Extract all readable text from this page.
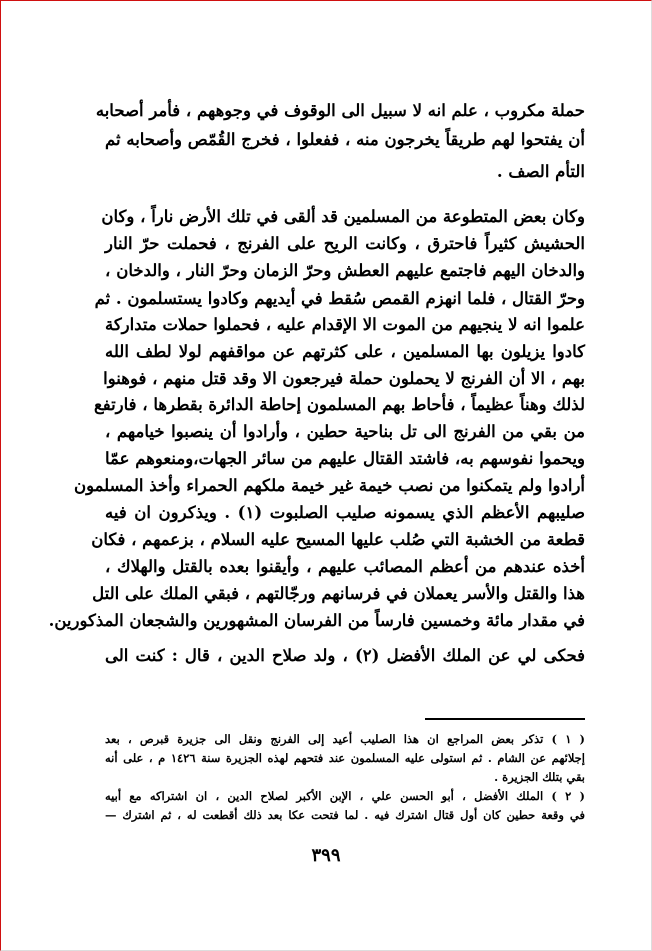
حملة مكروب ، علم انه لا سبيل الى الوقوف في وجوههم ، فأمر أصحابه
أن يفتحوا لهم طريقاً يخرجون منه ، ففعلوا ، فخرج القُمّص وأصحابه ثم
التأم الصف .
وكان بعض المتطوعة من المسلمين قد ألقى في تلك الأرض ناراً ، وكان
الحشيش كثيراً فاحترق ، وكانت الريح على الفرنج ، فحملت حرّ النار
والدخان اليهم فاجتمع عليهم العطش وحرّ الزمان وحرّ النار ، والدخان ،
وحرّ القتال ، فلما انهزم القمص سُقط في أيديهم وكادوا يستسلمون . ثم
علموا انه لا ينجيهم من الموت الا الإقدام عليه ، فحملوا حملات متداركة
كادوا يزيلون بها المسلمين ، على كثرتهم عن مواقفهم لولا لطف الله
بهم ، الا أن الفرنج لا يحملون حملة فيرجعون الا وقد قتل منهم ، فوهنوا
لذلك وهناً عظيماً ، فأحاط بهم المسلمون إحاطة الدائرة بقطرها ، فارتفع
من بقي من الفرنج الى تل بناحية حطين ، وأرادوا أن ينصبوا خيامهم ،
ويحموا نفوسهم به، فاشتد القتال عليهم من سائر الجهات،ومنعوهم عمّا
أرادوا ولم يتمكنوا من نصب خيمة غير خيمة ملكهم الحمراء وأخذ المسلمون
صليبهم الأعظم الذي يسمونه صليب الصلبوت (١) . ويذكرون ان فيه
قطعة من الخشبة التي صُلب عليها المسيح عليه السلام ، بزعمهم ، فكان
أخذه عندهم من أعظم المصائب عليهم ، وأيقنوا بعده بالقتل والهلاك ،
هذا والقتل والأسر يعملان في فرسانهم ورجّالتهم ، فبقي الملك على التل
في مقدار مائة وخمسين فارساً من الفرسان المشهورين والشجعان المذكورين.
فحكى لي عن الملك الأفضل (٢) ، ولد صلاح الدين ، قال : كنت الى
( ١ ) تذكر بعض المراجع ان هذا الصليب أعيد إلى الفرنج ونقل الى جزيرة قبرص ، بعد
إجلائهم عن الشام . ثم استولى عليه المسلمون عند فتحهم لهذه الجزيرة سنة ١٤٢٦ م ، على أنه
بقي بتلك الجزيرة .
( ٢ ) الملك الأفضل ، أبو الحسن علي ، الإبن الأكبر لصلاح الدين ، ان اشتراكه مع أبيه
في وقعة حطين كان أول قتال اشترك فيه . لما فتحت عكا بعد ذلك أقطعت له ، ثم اشترك —
٣٩٩
